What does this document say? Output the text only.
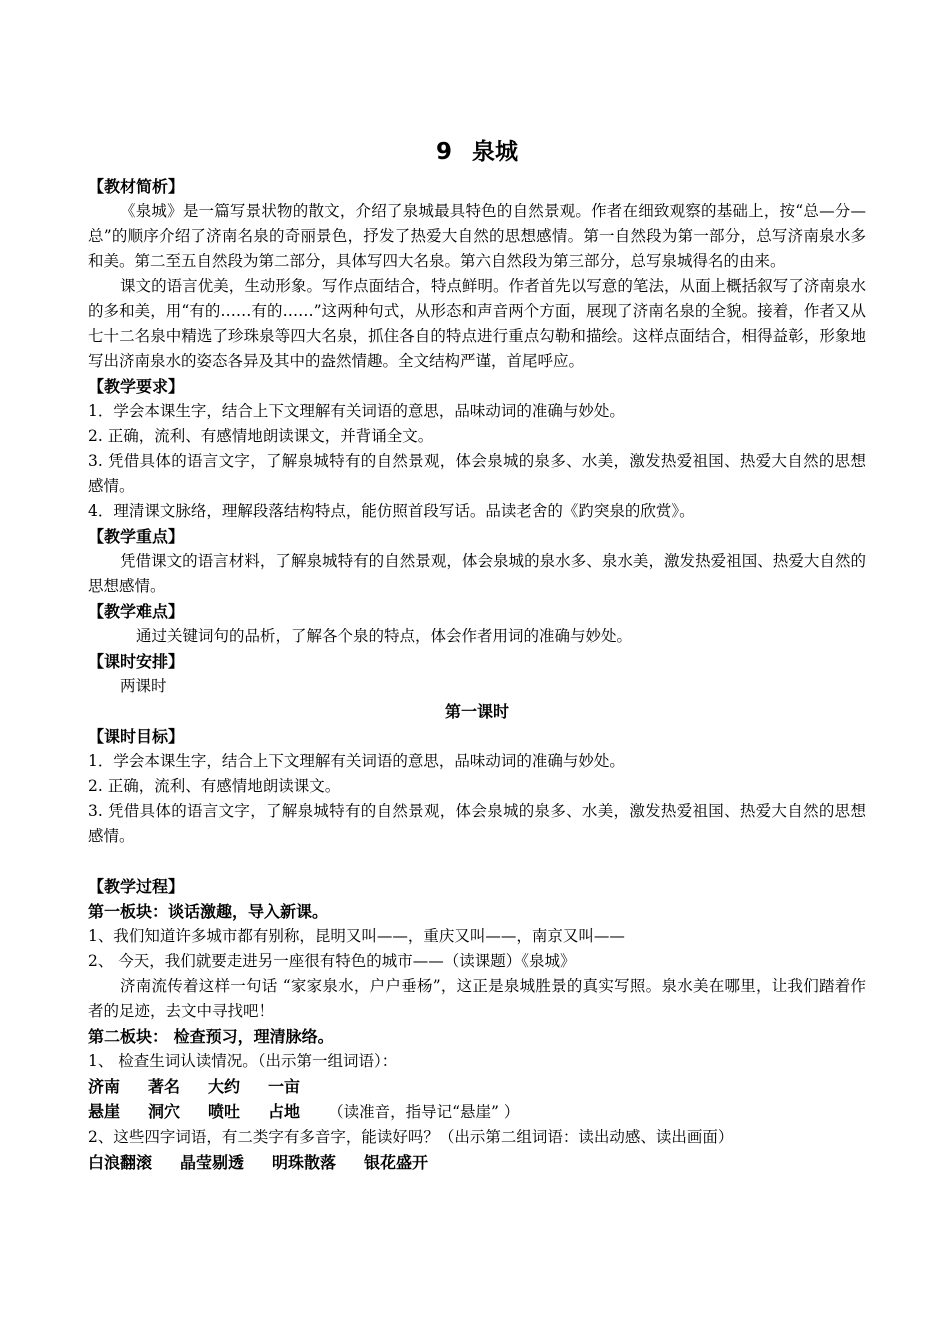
9 泉城
【教材简析】
《泉城》是一篇写景状物的散文，介绍了泉城最具特色的自然景观。作者在细致观察的基础上，按“总—分—总”的顺序介绍了济南名泉的奇丽景色，抒发了热爱大自然的思想感情。第一自然段为第一部分，总写济南泉水多和美。第二至五自然段为第二部分，具体写四大名泉。第六自然段为第三部分，总写泉城得名的由来。
课文的语言优美，生动形象。写作点面结合，特点鲜明。作者首先以写意的笔法，从面上概括叙写了济南泉水的多和美，用“有的……有的……”这两种句式，从形态和声音两个方面，展现了济南名泉的全貌。接着，作者又从七十二名泉中精选了珍珠泉等四大名泉，抓住各自的特点进行重点勾勒和描绘。这样点面结合，相得益彰，形象地写出济南泉水的姿态各异及其中的盎然情趣。全文结构严谨，首尾呼应。
【教学要求】
1．学会本课生字，结合上下文理解有关词语的意思，品味动词的准确与妙处。
2. 正确，流利、有感情地朗读课文，并背诵全文。
3. 凭借具体的语言文字，了解泉城特有的自然景观，体会泉城的泉多、水美，激发热爱祖国、热爱大自然的思想感情。
4．理清课文脉络，理解段落结构特点，能仿照首段写话。品读老舍的《趵突泉的欣赏》。
【教学重点】
凭借课文的语言材料，了解泉城特有的自然景观，体会泉城的泉水多、泉水美，激发热爱祖国、热爱大自然的思想感情。
【教学难点】
通过关键词句的品析，了解各个泉的特点，体会作者用词的准确与妙处。
【课时安排】
两课时
第一课时
【课时目标】
1．学会本课生字，结合上下文理解有关词语的意思，品味动词的准确与妙处。
2. 正确，流利、有感情地朗读课文。
3. 凭借具体的语言文字，了解泉城特有的自然景观，体会泉城的泉多、水美，激发热爱祖国、热爱大自然的思想感情。
【教学过程】
第一板块：谈话激趣，导入新课。
1、我们知道许多城市都有别称，昆明又叫——，重庆又叫——，南京又叫——
2、 今天，我们就要走进另一座很有特色的城市——（读课题）《泉城》
济南流传着这样一句话 “家家泉水，户户垂杨”，这正是泉城胜景的真实写照。泉水美在哪里，让我们踏着作者的足迹，去文中寻找吧！
第二板块： 检查预习，理清脉络。
1、 检查生词认读情况。（出示第一组词语）：
济南 著名 大约 一亩
悬崖 洞穴 喷吐 占地 （读准音，指导记“悬崖” ）
2、这些四字词语，有二类字有多音字，能读好吗？（出示第二组词语：读出动感、读出画面）
白浪翻滚 晶莹剔透 明珠散落 银花盛开
